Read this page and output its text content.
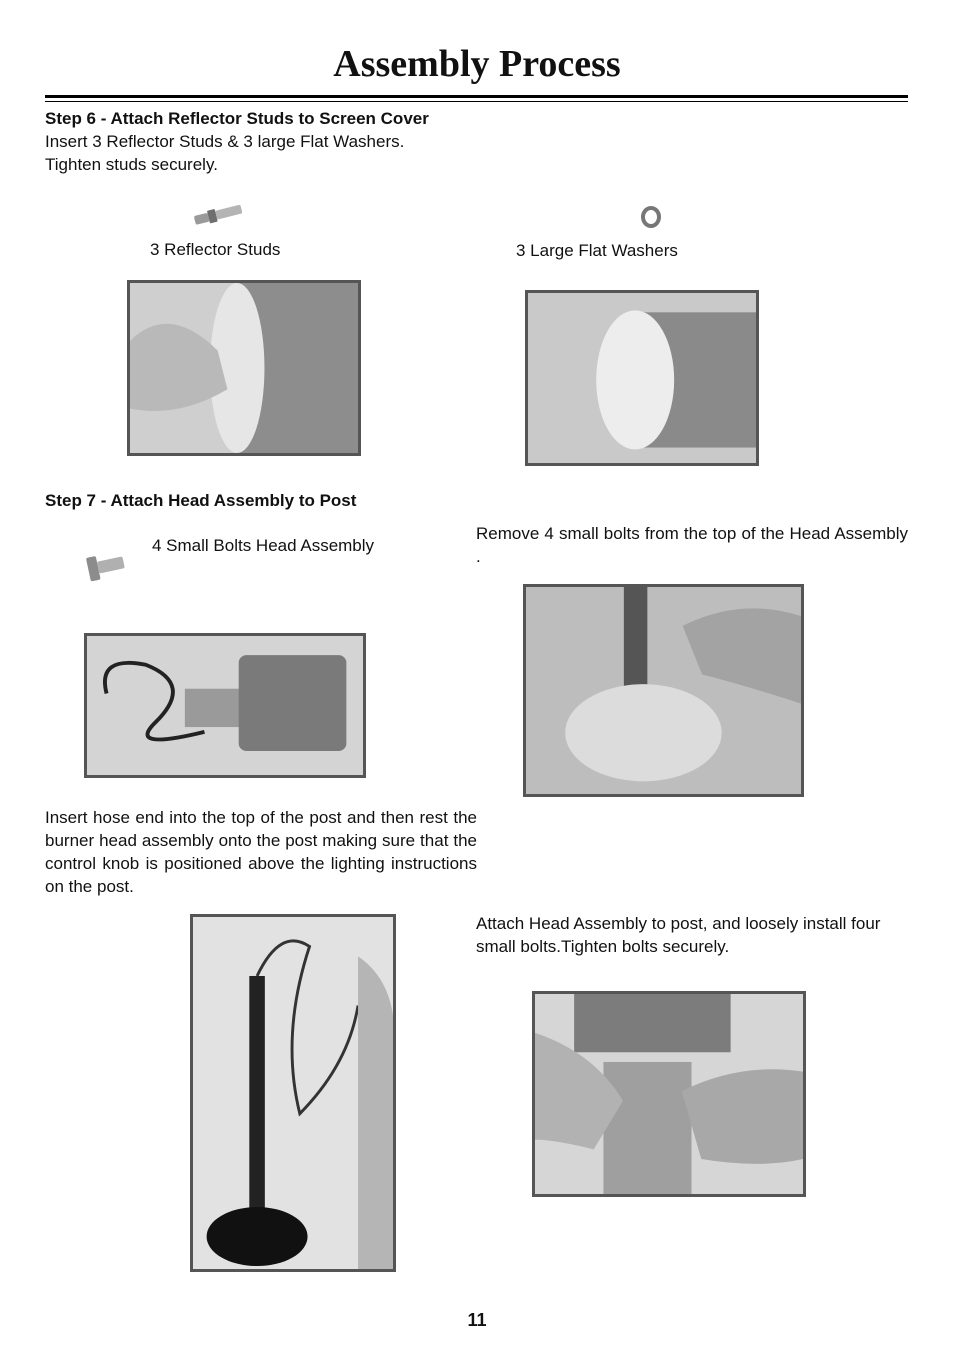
Assembly Process
Step 6 - Attach Reflector Studs to Screen Cover
Insert 3 Reflector Studs & 3 large Flat Washers.
Tighten studs securely.
3 Reflector Studs	3 Large Flat Washers
Step 7 - Attach Head Assembly to Post
4 Small Bolts Head Assembly
Remove 4 small bolts from the top of the Head Assembly .
Insert hose end into the top of the post and then rest the burner head assembly onto the post making sure that the control knob is positioned above the lighting instructions on the post.
Attach Head Assembly to post, and loosely install four small bolts.Tighten bolts securely.
11
